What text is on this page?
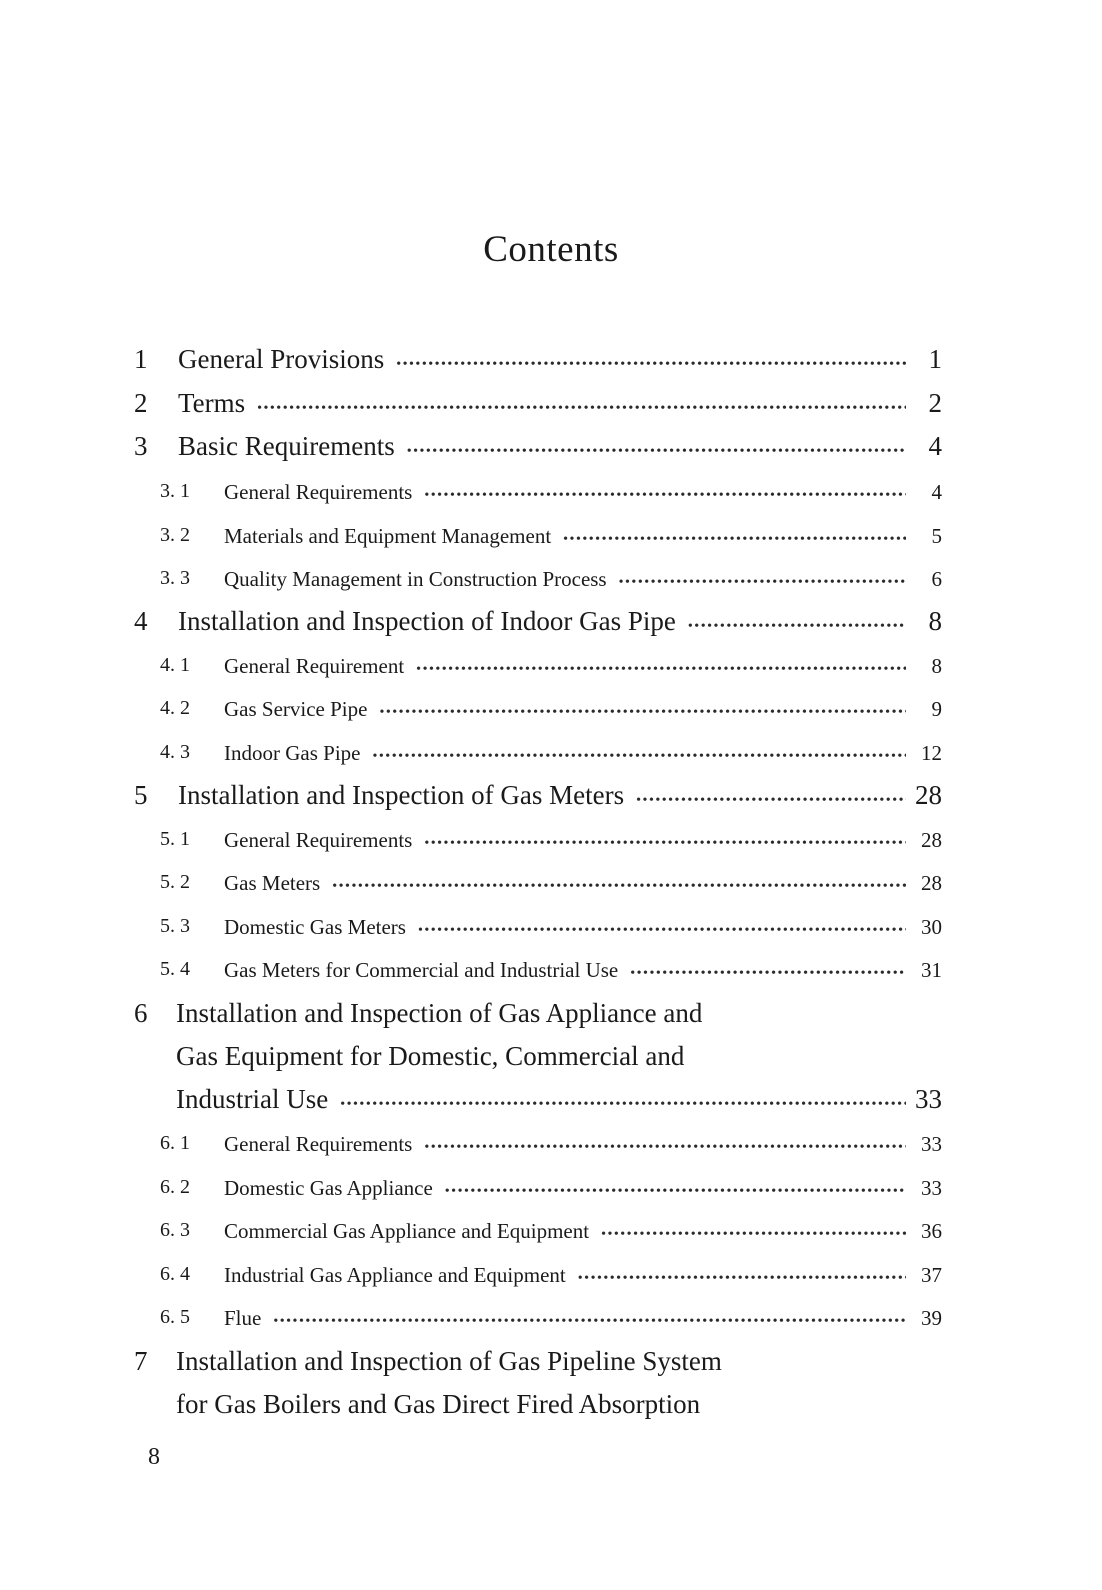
Contents
1 General Provisions •••••	1
2 Terms •••••	2
3 Basic Requirements •••••	4
3. 1 General Requirements •••••	4
3. 2 Materials and Equipment Management •••••	5
3. 3 Quality Management in Construction Process •••••	6
4 Installation and Inspection of Indoor Gas Pipe •••••	8
4. 1 General Requirement •••••	8
4. 2 Gas Service Pipe •••••	9
4. 3 Indoor Gas Pipe •••••	12
5 Installation and Inspection of Gas Meters •••••	28
5. 1 General Requirements •••••	28
5. 2 Gas Meters •••••	28
5. 3 Domestic Gas Meters •••••	30
5. 4 Gas Meters for Commercial and Industrial Use •••••	31
6 Installation and Inspection of Gas Appliance and
Gas Equipment for Domestic, Commercial and
Industrial Use •••••	33
6. 1 General Requirements •••••	33
6. 2 Domestic Gas Appliance •••••	33
6. 3 Commercial Gas Appliance and Equipment •••••	36
6. 4 Industrial Gas Appliance and Equipment •••••	37
6. 5 Flue •••••	39
7 Installation and Inspection of Gas Pipeline System
for Gas Boilers and Gas Direct Fired Absorption
8
